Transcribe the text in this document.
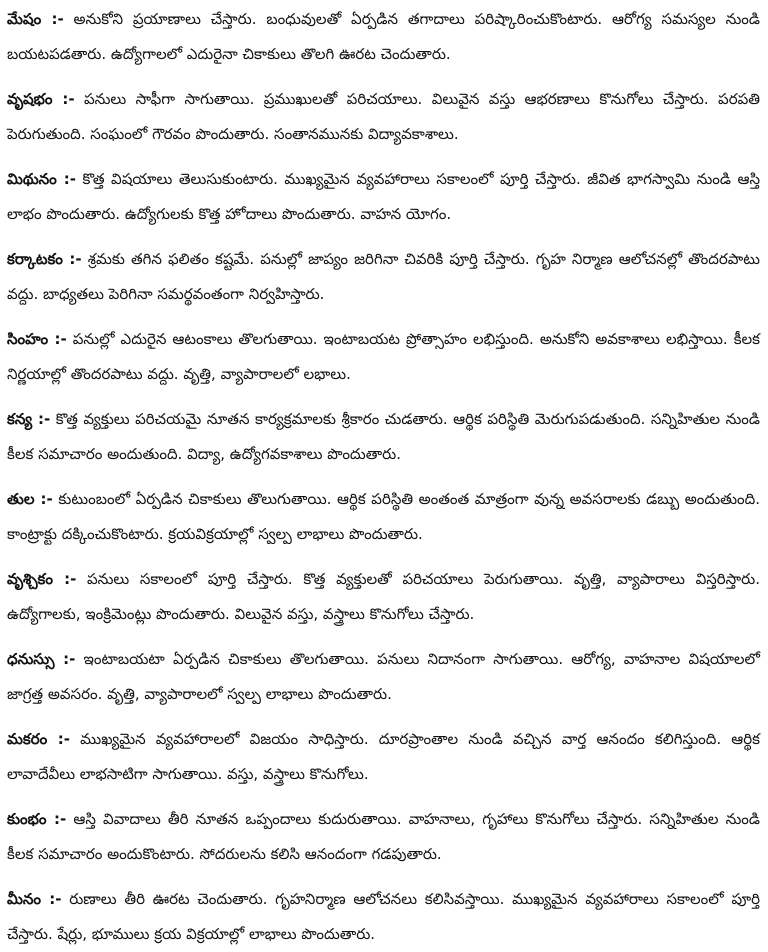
మేషం :- అనుకోని ప్రయాణాలు చేస్తారు. బంధువులతో ఏర్పడిన తగాదాలు పరిష్కారించుకొంటారు. ఆరోగ్య సమస్యల నుండి బయటపడతారు. ఉద్యోగాలలో ఎదురైనా చికాకులు తొలగి ఊరట చెందుతారు.

వృషభం :- పనులు సాఫీగా సాగుతాయి. ప్రముఖులతో పరిచయాలు. విలువైన వస్తు ఆభరణాలు కొనుగోలు చేస్తారు. పరపతి పెరుగుతుంది. సంఘంలో గౌరవం పొందుతారు. సంతానమునకు విద్యావకాశాలు.

మిథునం :- కొత్త విషయాలు తెలుసుకుంటారు. ముఖ్యమైన వ్యవహారాలు సకాలంలో పూర్తి చేస్తారు. జీవిత భాగస్వామి నుండి ఆస్తి లాభం పొందుతారు. ఉద్యోగులకు కొత్త హోదాలు పొందుతారు. వాహన యోగం.

కర్కాటకం :- శ్రమకు తగిన ఫలితం కష్టమే. పనుల్లో జాప్యం జరిగినా చివరికి పూర్తి చేస్తారు. గృహ నిర్మాణ ఆలోచనల్లో తొందరపాటు వద్దు. బాధ్యతలు పెరిగినా సమర్థవంతంగా నిర్వహిస్తారు.

సింహం :- పనుల్లో ఎదురైన ఆటంకాలు తొలగుతాయి. ఇంటాబయట ప్రోత్సాహం లభిస్తుంది. అనుకోని అవకాశాలు లభిస్తాయి. కీలక నిర్ణయాల్లో తొందరపాటు వద్దు. వృత్తి, వ్యాపారాలలో లభాలు.

కన్య :- కొత్త వ్యక్తులు పరిచయమై నూతన కార్యక్రమాలకు శ్రీకారం చుడతారు. ఆర్థిక పరిస్థితి మెరుగుపడుతుంది. సన్నిహితుల నుండి కీలక సమాచారం అందుతుంది. విద్యా, ఉద్యోగవకాశాలు పొందుతారు.

తుల :- కుటుంబంలో ఏర్పడిన చికాకులు తొలుగుతాయి. ఆర్థిక పరిస్థితి అంతంత మాత్రంగా వున్న అవసరాలకు డబ్బు అందుతుంది. కాంట్రాక్టు దక్కించుకొంటారు. క్రయవిక్రయాల్లో స్వల్ప లాభాలు పొందుతారు.

వృశ్చికం :- పనులు సకాలంలో పూర్తి చేస్తారు. కొత్త వ్యక్తులతో పరిచయాలు పెరుగుతాయి. వృత్తి, వ్యాపారాలు విస్తరిస్తారు. ఉద్యోగాలకు, ఇంక్రిమెంట్లు పొందుతారు. విలువైన వస్తు, వస్త్రాలు కొనుగోలు చేస్తారు.

ధనుస్సు :- ఇంటాబయటా ఏర్పడిన చికాకులు తొలగుతాయి. పనులు నిదానంగా సాగుతాయి. ఆరోగ్య, వాహనాల విషయాలలో జాగ్రత్త అవసరం. వృత్తి, వ్యాపారాలలో స్వల్ప లాభాలు పొందుతారు.

మకరం :- ముఖ్యమైన వ్యవహారాలలో విజయం సాధిస్తారు. దూరప్రాంతాల నుండి వచ్చిన వార్త ఆనందం కలిగిస్తుంది. ఆర్థిక లావాదేవీలు లాభసాటిగా సాగుతాయి. వస్తు, వస్త్రాలు కొనుగోలు.

కుంభం :- ఆస్తి వివాదాలు తీరి నూతన ఒప్పందాలు కుదురుతాయి. వాహనాలు, గృహాలు కొనుగోలు చేస్తారు. సన్నిహితుల నుండి కీలక సమాచారం అందుకొంటారు. సోదరులను కలిసి ఆనందంగా గడపుతారు.

మీనం :- రుణాలు తీరి ఊరట చెందుతారు. గృహనిర్మాణ ఆలోచనలు కలిసివస్తాయి. ముఖ్యమైన వ్యవహారాలు సకాలంలో పూర్తి చేస్తారు. షేర్లు, భూములు క్రయ విక్రయాల్లో లాభాలు పొందుతారు.
